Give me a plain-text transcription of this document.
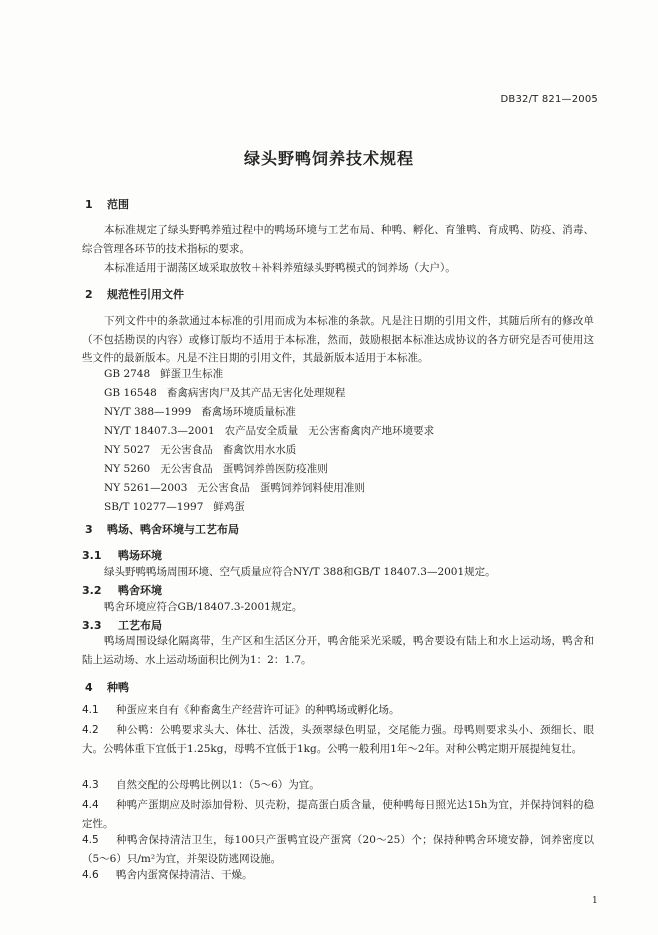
DB32/T 821—2005
绿头野鸭饲养技术规程
1 范围
本标准规定了绿头野鸭养殖过程中的鸭场环境与工艺布局、种鸭、孵化、育雏鸭、育成鸭、防疫、消毒、综合管理各环节的技术指标的要求。
本标准适用于湖荡区域采取放牧＋补料养殖绿头野鸭模式的饲养场（大户）。
2 规范性引用文件
下列文件中的条款通过本标准的引用而成为本标准的条款。凡是注日期的引用文件，其随后所有的修改单（不包括勘误的内容）或修订版均不适用于本标准，然而，鼓励根据本标准达成协议的各方研究是否可使用这些文件的最新版本。凡是不注日期的引用文件，其最新版本适用于本标准。
GB 2748   鲜蛋卫生标准
GB 16548   畜禽病害肉尸及其产品无害化处理规程
NY/T 388—1999   畜禽场环境质量标准
NY/T 18407.3—2001   农产品安全质量   无公害畜禽肉产地环境要求
NY 5027   无公害食品   畜禽饮用水水质
NY 5260   无公害食品   蛋鸭饲养兽医防疫准则
NY 5261—2003   无公害食品   蛋鸭饲养饲料使用准则
SB/T 10277—1997   鲜鸡蛋
3 鸭场、鸭舍环境与工艺布局
3.1 鸭场环境
绿头野鸭鸭场周围环境、空气质量应符合NY/T 388和GB/T 18407.3—2001规定。
3.2 鸭舍环境
鸭舍环境应符合GB/18407.3-2001规定。
3.3 工艺布局
鸭场周围设绿化隔离带，生产区和生活区分开，鸭舍能采光采暖，鸭舍要设有陆上和水上运动场，鸭舍和陆上运动场、水上运动场面积比例为1：2：1.7。
4 种鸭
4.1 种蛋应来自有《种畜禽生产经营许可证》的种鸭场或孵化场。
4.2 种公鸭：公鸭要求头大、体壮、活泼，头颈翠绿色明显，交尾能力强。母鸭则要求头小、颈细长、眼大。公鸭体重下宜低于1.25kg，母鸭不宜低于1kg。公鸭一般利用1年～2年。对种公鸭定期开展提纯复壮。
4.3 自然交配的公母鸭比例以1：（5～6）为宜。
4.4 种鸭产蛋期应及时添加骨粉、贝壳粉，提高蛋白质含量，使种鸭每日照光达15h为宜，并保持饲料的稳定性。
4.5 种鸭舍保持清洁卫生，每100只产蛋鸭宜设产蛋窝（20～25）个；保持种鸭舍环境安静，饲养密度以（5～6）只/m²为宜，并架设防逃网设施。
4.6 鸭舍内蛋窝保持清洁、干燥。
1
